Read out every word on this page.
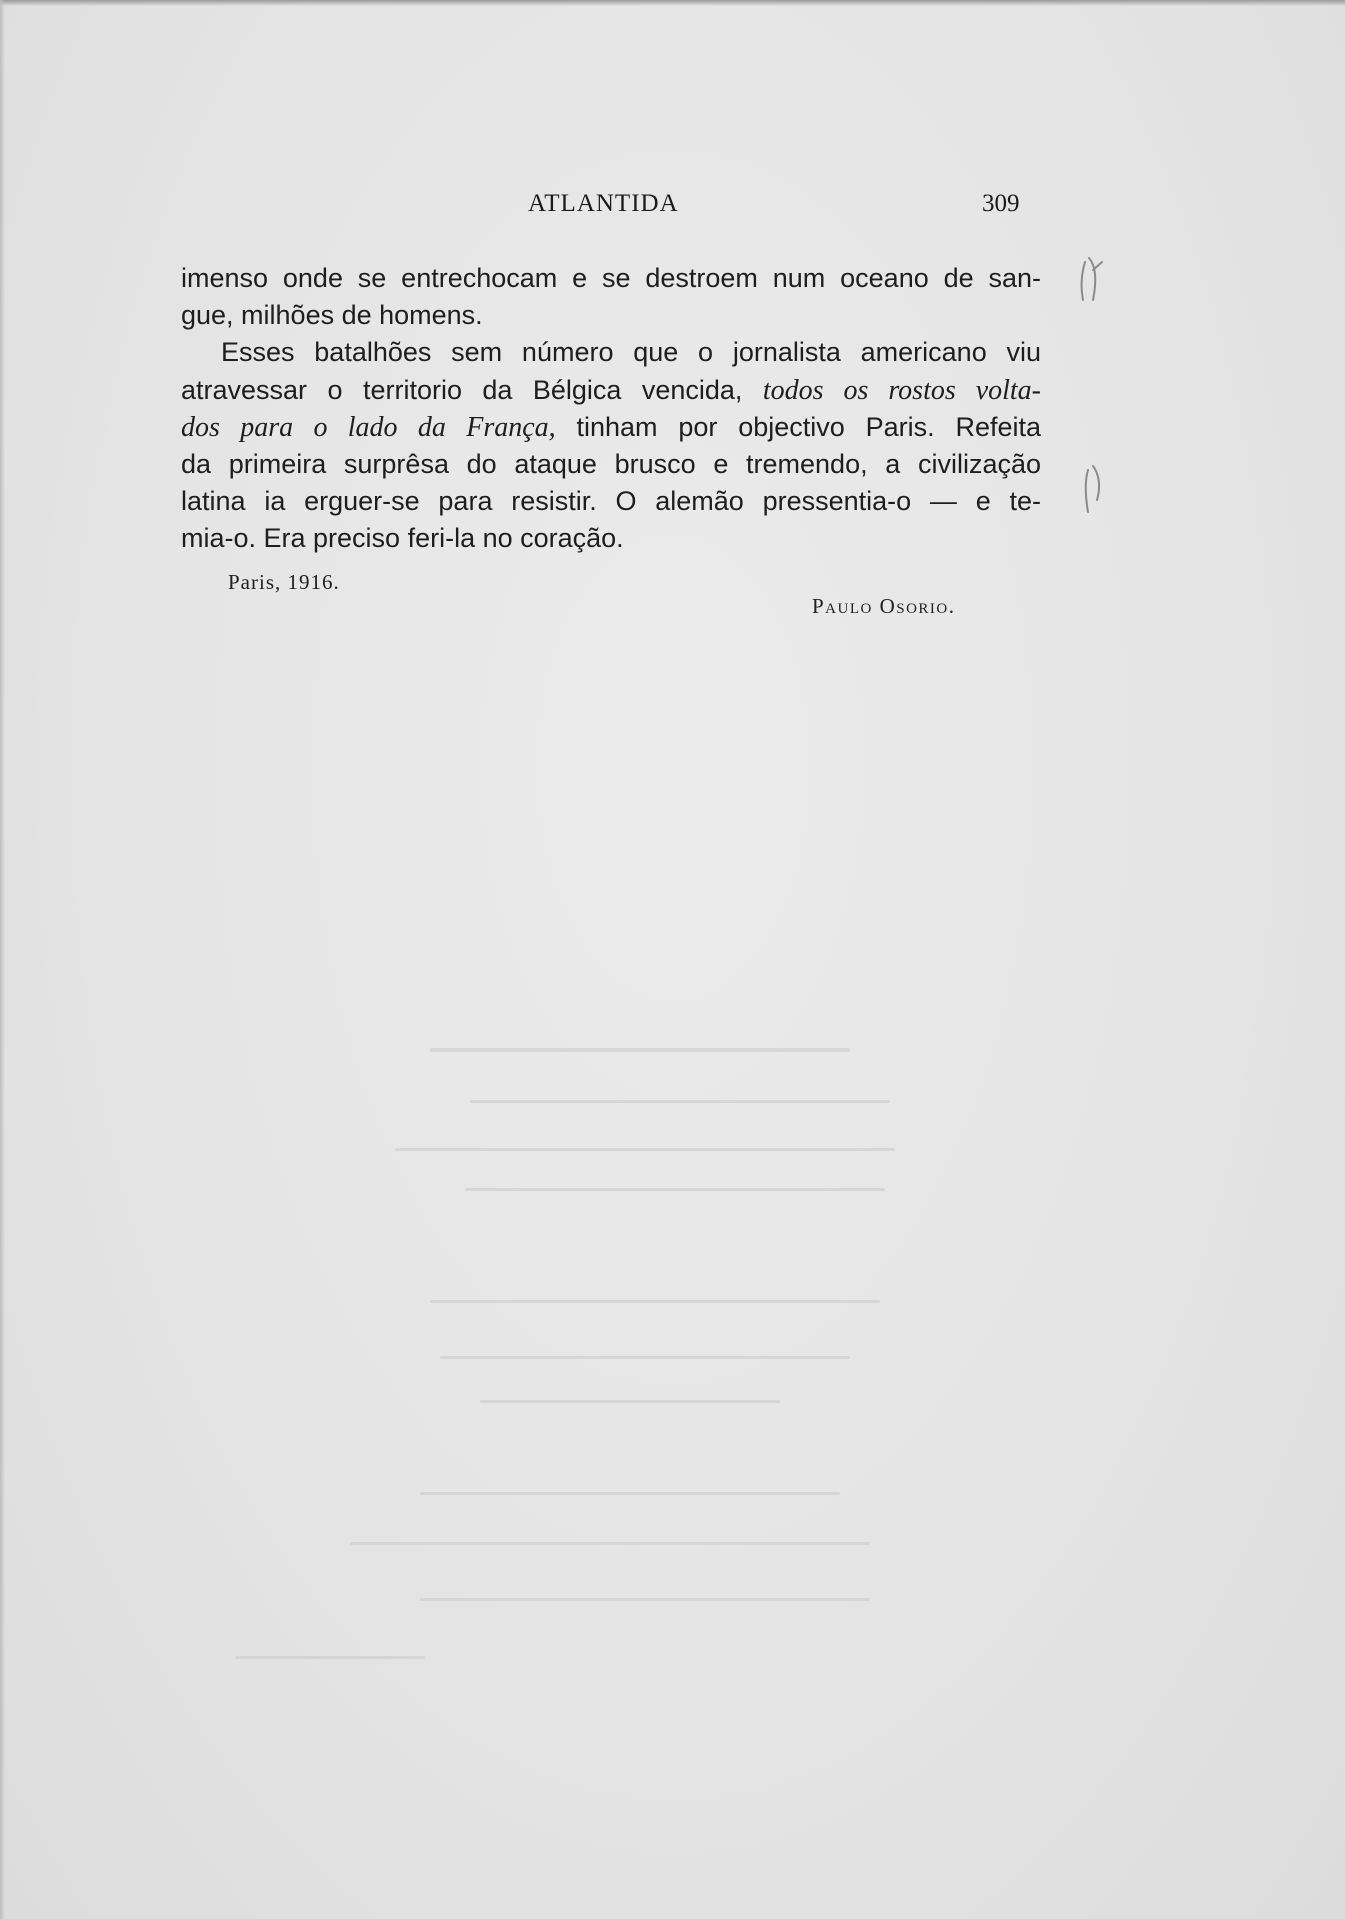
ATLANTIDA	309
imenso onde se entrechocam e se destroem num oceano de san-
gue, milhões de homens.
Esses batalhões sem número que o jornalista americano viu
atravessar o territorio da Bélgica vencida, todos os rostos volta-
dos para o lado da França, tinham por objectivo Paris. Refeita
da primeira surprêsa do ataque brusco e tremendo, a civilização
latina ia erguer-se para resistir. O alemão pressentia-o — e te-
mia-o. Era preciso feri-la no coração.
Paris, 1916.
Paulo Osorio.
